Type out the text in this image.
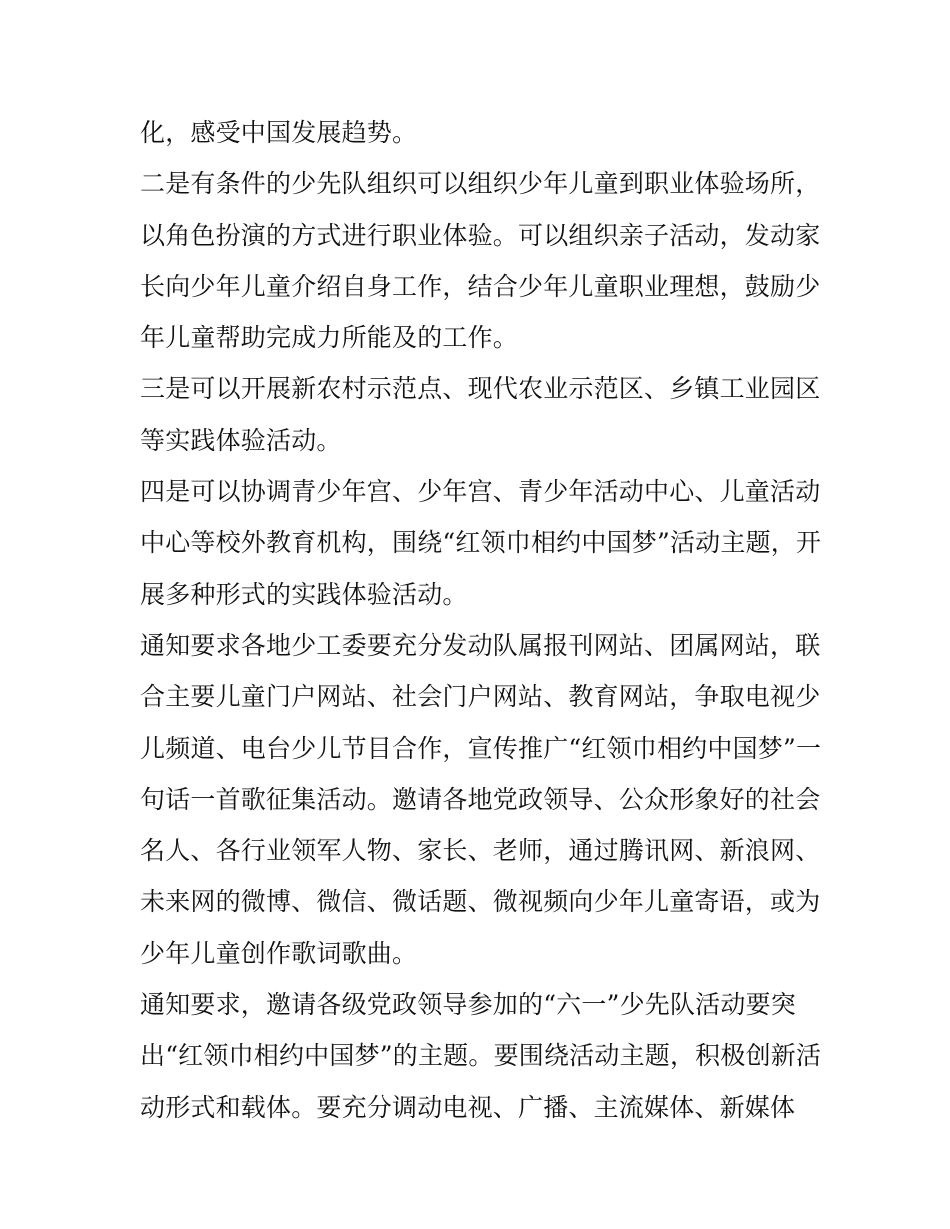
化，感受中国发展趋势。
二是有条件的少先队组织可以组织少年儿童到职业体验场所，
以角色扮演的方式进行职业体验。可以组织亲子活动，发动家
长向少年儿童介绍自身工作，结合少年儿童职业理想，鼓励少
年儿童帮助完成力所能及的工作。
三是可以开展新农村示范点、现代农业示范区、乡镇工业园区
等实践体验活动。
四是可以协调青少年宫、少年宫、青少年活动中心、儿童活动
中心等校外教育机构，围绕“红领巾相约中国梦”活动主题，开
展多种形式的实践体验活动。
通知要求各地少工委要充分发动队属报刊网站、团属网站，联
合主要儿童门户网站、社会门户网站、教育网站，争取电视少
儿频道、电台少儿节目合作，宣传推广“红领巾相约中国梦”一
句话一首歌征集活动。邀请各地党政领导、公众形象好的社会
名人、各行业领军人物、家长、老师，通过腾讯网、新浪网、
未来网的微博、微信、微话题、微视频向少年儿童寄语，或为
少年儿童创作歌词歌曲。
通知要求，邀请各级党政领导参加的“六一”少先队活动要突
出“红领巾相约中国梦”的主题。要围绕活动主题，积极创新活
动形式和载体。要充分调动电视、广播、主流媒体、新媒体
